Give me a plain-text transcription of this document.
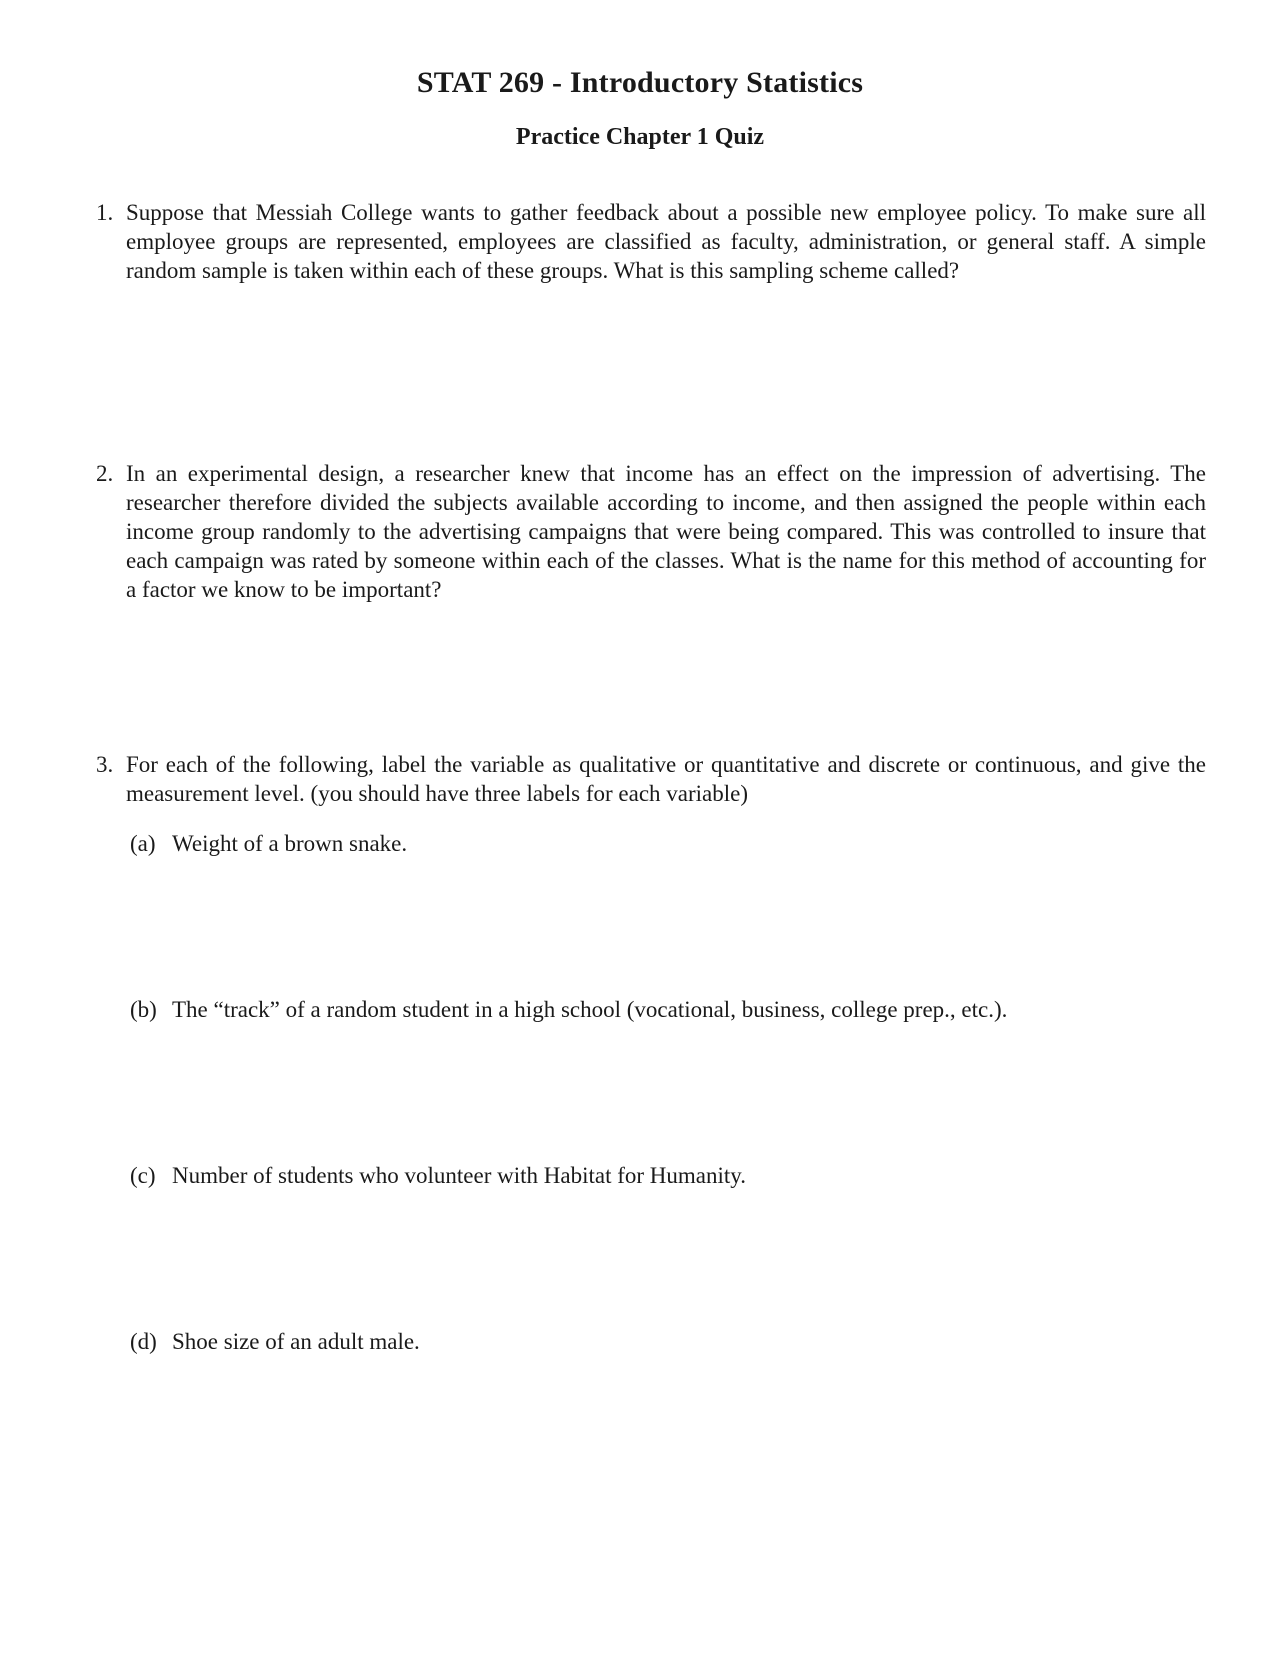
STAT 269 - Introductory Statistics
Practice Chapter 1 Quiz
1. Suppose that Messiah College wants to gather feedback about a possible new employee policy. To make sure all employee groups are represented, employees are classified as faculty, administration, or general staff. A simple random sample is taken within each of these groups. What is this sampling scheme called?
2. In an experimental design, a researcher knew that income has an effect on the impression of advertising. The researcher therefore divided the subjects available according to income, and then assigned the people within each income group randomly to the advertising campaigns that were being compared. This was controlled to insure that each campaign was rated by someone within each of the classes. What is the name for this method of accounting for a factor we know to be important?
3. For each of the following, label the variable as qualitative or quantitative and discrete or continuous, and give the measurement level. (you should have three labels for each variable)
(a) Weight of a brown snake.
(b) The “track” of a random student in a high school (vocational, business, college prep., etc.).
(c) Number of students who volunteer with Habitat for Humanity.
(d) Shoe size of an adult male.
